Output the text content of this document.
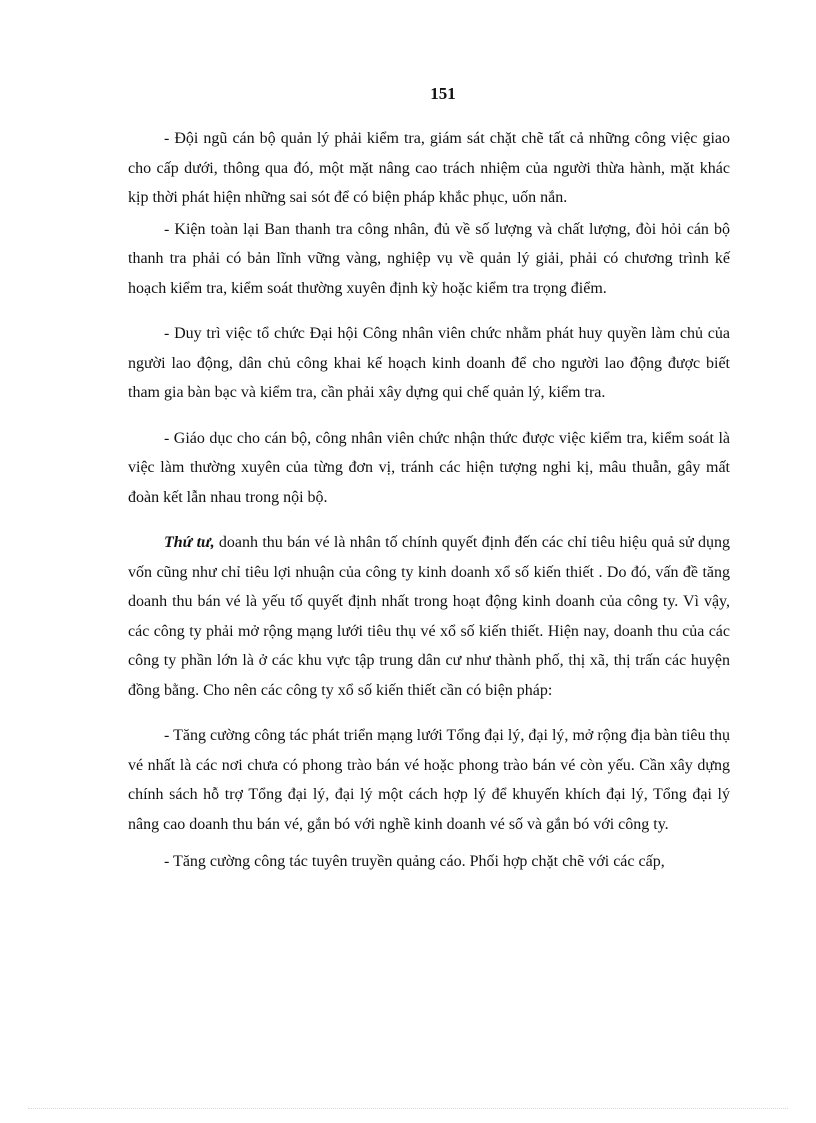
151

- Đội ngũ cán bộ quản lý phải kiểm tra, giám sát chặt chẽ tất cả những công việc giao cho cấp dưới, thông qua đó, một mặt nâng cao trách nhiệm của người thừa hành, mặt khác kịp thời phát hiện những sai sót để có biện pháp khắc phục, uốn nắn.

- Kiện toàn lại Ban thanh tra công nhân, đủ về số lượng và chất lượng, đòi hỏi cán bộ thanh tra phải có bản lĩnh vững vàng, nghiệp vụ về quản lý giải, phải có chương trình kế hoạch kiểm tra, kiểm soát thường xuyên định kỳ hoặc kiểm tra trọng điểm.

- Duy trì việc tổ chức Đại hội Công nhân viên chức nhằm phát huy quyền làm chủ của người lao động, dân chủ công khai kế hoạch kinh doanh để cho người lao động được biết tham gia bàn bạc và kiểm tra, cần phải xây dựng qui chế quản lý, kiểm tra.

- Giáo dục cho cán bộ, công nhân viên chức nhận thức được việc kiểm tra, kiểm soát là việc làm thường xuyên của từng đơn vị, tránh các hiện tượng nghi kị, mâu thuẫn, gây mất đoàn kết lẫn nhau trong nội bộ.

Thứ tư, doanh thu bán vé là nhân tố chính quyết định đến các chỉ tiêu hiệu quả sử dụng vốn cũng như chỉ tiêu lợi nhuận của công ty kinh doanh xổ số kiến thiết . Do đó, vấn đề tăng doanh thu bán vé là yếu tố quyết định nhất trong hoạt động kinh doanh của công ty. Vì vậy, các công ty phải mở rộng mạng lưới tiêu thụ vé xổ số kiến thiết. Hiện nay, doanh thu của các công ty phần lớn là ở các khu vực tập trung dân cư như thành phố, thị xã, thị trấn các huyện đồng bằng. Cho nên các công ty xổ số kiến thiết cần có biện pháp:

- Tăng cường công tác phát triển mạng lưới Tổng đại lý, đại lý, mở rộng địa bàn tiêu thụ vé nhất là các nơi chưa có phong trào bán vé hoặc phong trào bán vé còn yếu. Cần xây dựng chính sách hỗ trợ Tổng đại lý, đại lý một cách hợp lý để khuyến khích đại lý, Tổng đại lý nâng cao doanh thu bán vé, gắn bó với nghề kinh doanh vé số và gắn bó với công ty.

- Tăng cường công tác tuyên truyền quảng cáo. Phối hợp chặt chẽ với các cấp,
